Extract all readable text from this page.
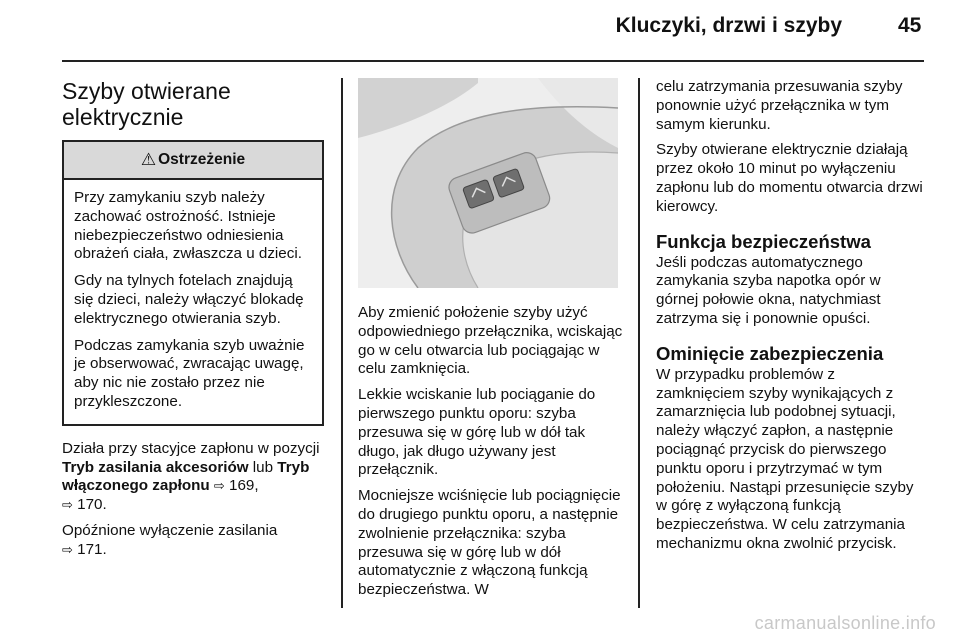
Kluczyki, drzwi i szyby	45
Szyby otwierane
elektrycznie
⚠ Ostrzeżenie

Przy zamykaniu szyb należy zachować ostrożność. Istnieje niebezpieczeństwo odniesienia obrażeń ciała, zwłaszcza u dzieci.

Gdy na tylnych fotelach znajdują się dzieci, należy włączyć blokadę elektrycznego otwierania szyb.

Podczas zamykania szyb uważnie je obserwować, zwracając uwagę, aby nic nie zostało przez nie przykleszczone.

Działa przy stacyjce zapłonu w pozycji Tryb zasilania akcesoriów lub Tryb włączonego zapłonu ⇨ 169,
⇨ 170.

Opóźnione wyłączenie zasilania
⇨ 171.

Aby zmienić położenie szyby użyć odpowiedniego przełącznika, wciskając go w celu otwarcia lub pociągając w celu zamknięcia.

Lekkie wciskanie lub pociąganie do pierwszego punktu oporu: szyba przesuwa się w górę lub w dół tak długo, jak długo używany jest przełącznik.

Mocniejsze wciśnięcie lub pociągnięcie do drugiego punktu oporu, a następnie zwolnienie przełącznika: szyba przesuwa się w górę lub w dół automatycznie z włączoną funkcją bezpieczeństwa. W

celu zatrzymania przesuwania szyby ponownie użyć przełącznika w tym samym kierunku.

Szyby otwierane elektrycznie działają przez około 10 minut po wyłączeniu zapłonu lub do momentu otwarcia drzwi kierowcy.

Funkcja bezpieczeństwa

Jeśli podczas automatycznego zamykania szyba napotka opór w górnej połowie okna, natychmiast zatrzyma się i ponownie opuści.

Ominięcie zabezpieczenia

W przypadku problemów z zamknięciem szyby wynikających z zamarznięcia lub podobnej sytuacji, należy włączyć zapłon, a następnie pociągnąć przycisk do pierwszego punktu oporu i przytrzymać w tym położeniu. Nastąpi przesunięcie szyby w górę z wyłączoną funkcją bezpieczeństwa. W celu zatrzymania mechanizmu okna zwolnić przycisk.

carmanualsonline.info
